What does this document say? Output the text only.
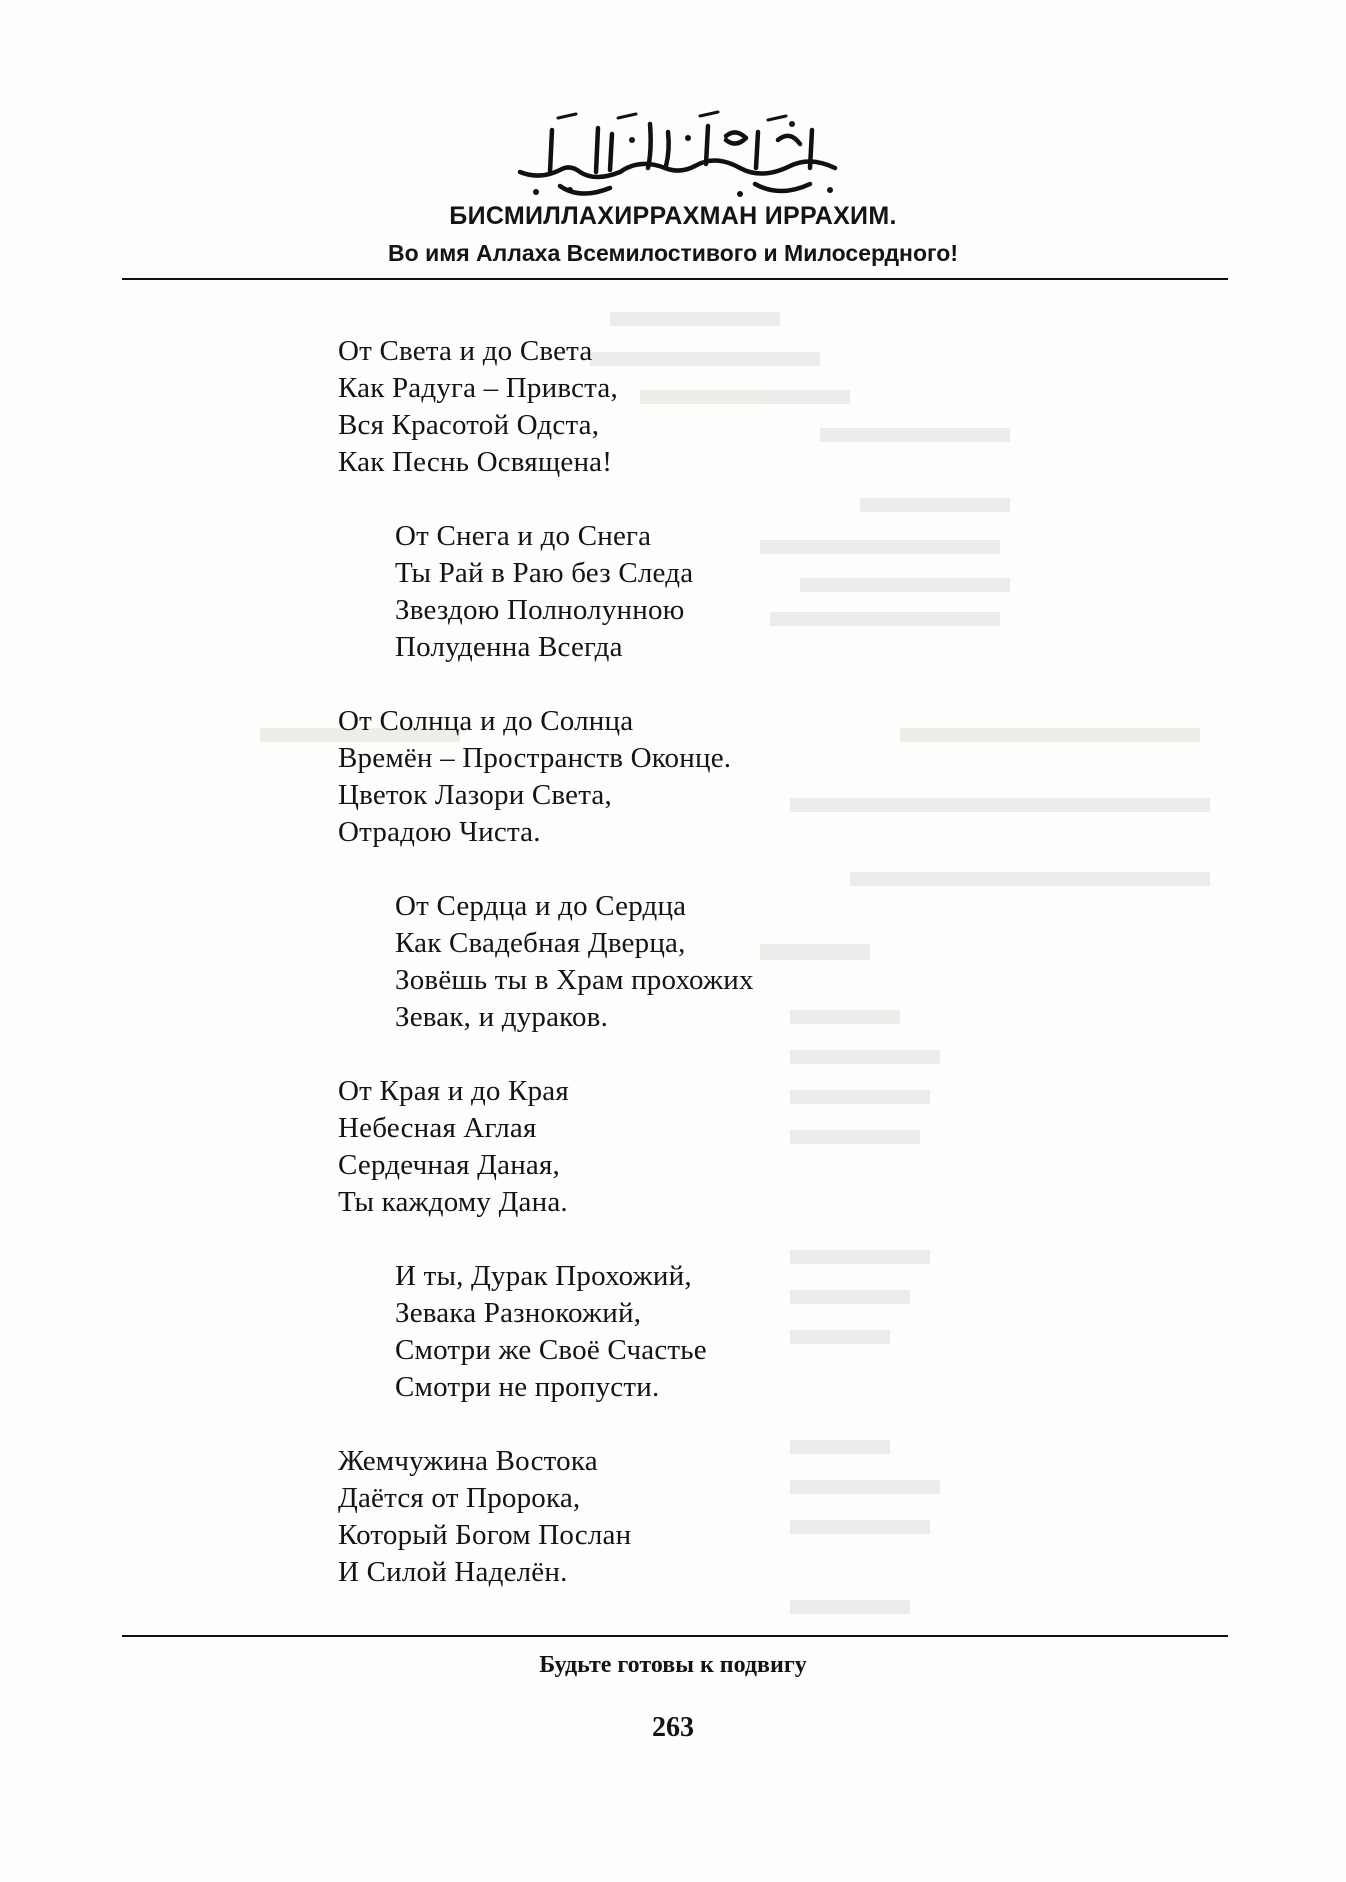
БИСМИЛЛАХИРРАХМАН ИРРАХИМ.
Во имя Аллаха Всемилостивого и Милосердного!
От Света и до Света
Как Радуга – Привста,
Вся Красотой Одста,
Как Песнь Освящена!
От Снега и до Снега
Ты Рай в Раю без Следа
Звездою Полнолунною
Полуденна Всегда
От Солнца и до Солнца
Времён – Пространств Оконце.
Цветок Лазори Света,
Отрадою Чиста.
От Сердца и до Сердца
Как Свадебная Дверца,
Зовёшь ты в Храм прохожих
Зевак, и дураков.
От Края и до Края
Небесная Аглая
Сердечная Даная,
Ты каждому Дана.
И ты, Дурак Прохожий,
Зевака Разнокожий,
Смотри же Своё Счастье
Смотри не пропусти.
Жемчужина Востока
Даётся от Пророка,
Который Богом Послан
И Силой Наделён.
Будьте готовы к подвигу
263
